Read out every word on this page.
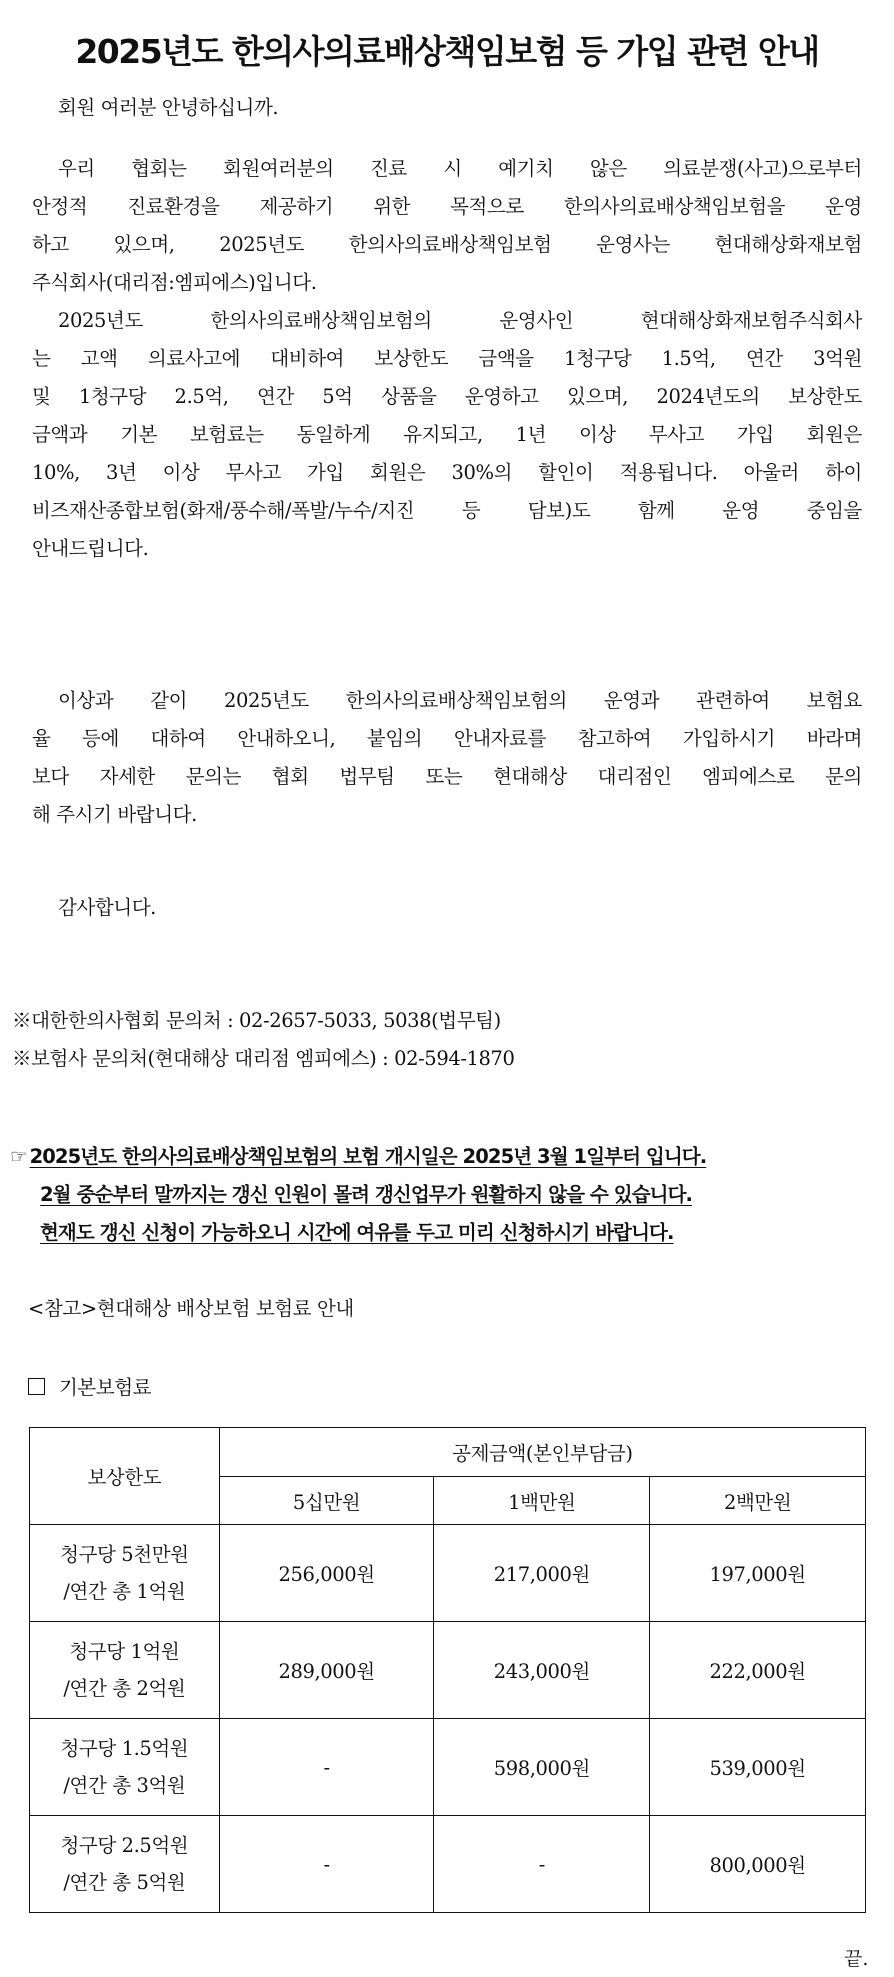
2025년도 한의사의료배상책임보험 등 가입 관련 안내
회원 여러분 안녕하십니까.
우리 협회는 회원여러분의 진료 시 예기치 않은 의료분쟁(사고)으로부터
안정적 진료환경을 제공하기 위한 목적으로 한의사의료배상책임보험을 운영
하고 있으며, 2025년도 한의사의료배상책임보험 운영사는 현대해상화재보험
주식회사(대리점:엠피에스)입니다.
2025년도 한의사의료배상책임보험의 운영사인 현대해상화재보험주식회사
는 고액 의료사고에 대비하여 보상한도 금액을 1청구당 1.5억, 연간 3억원
및 1청구당 2.5억, 연간 5억 상품을 운영하고 있으며, 2024년도의 보상한도
금액과 기본 보험료는 동일하게 유지되고, 1년 이상 무사고 가입 회원은
10%, 3년 이상 무사고 가입 회원은 30%의 할인이 적용됩니다. 아울러 하이
비즈재산종합보험(화재/풍수해/폭발/누수/지진 등 담보)도 함께 운영 중임을
안내드립니다.
이상과 같이 2025년도 한의사의료배상책임보험의 운영과 관련하여 보험요
율 등에 대하여 안내하오니, 붙임의 안내자료를 참고하여 가입하시기 바라며
보다 자세한 문의는 협회 법무팀 또는 현대해상 대리점인 엠피에스로 문의
해 주시기 바랍니다.
감사합니다.
※대한한의사협회 문의처 : 02-2657-5033, 5038(법무팀)
※보험사 문의처(현대해상 대리점 엠피에스) : 02-594-1870
☞ 2025년도 한의사의료배상책임보험의 보험 개시일은 2025년 3월 1일부터 입니다.
2월 중순부터 말까지는 갱신 인원이 몰려 갱신업무가 원활하지 않을 수 있습니다.
현재도 갱신 신청이 가능하오니 시간에 여유를 두고 미리 신청하시기 바랍니다.
<참고>현대해상 배상보험 보험료 안내
기본보험료
보상한도	공제금액(본인부담금)		
	5십만원	1백만원	2백만원

청구당 5천만원
/연간 총 1억원	256,000원	217,000원	197,000원

청구당 1억원
/연간 총 2억원	289,000원	243,000원	222,000원

청구당 1.5억원
/연간 총 3억원	-	598,000원	539,000원

청구당 2.5억원
/연간 총 5억원	-	-	800,000원
끝.
